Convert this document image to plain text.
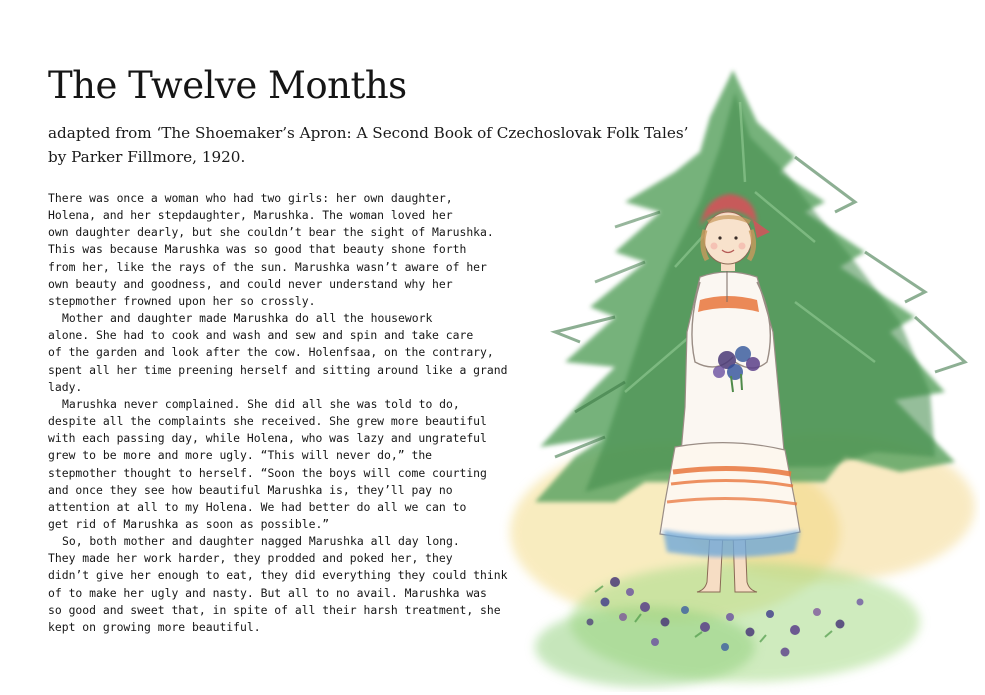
The Twelve Months
adapted from ‘The Shoemaker’s Apron: A Second Book of Czechoslovak Folk Tales’
by Parker Fillmore, 1920.
There was once a woman who had two girls: her own daughter,
Holena, and her stepdaughter, Marushka. The woman loved her
own daughter dearly, but she couldn’t bear the sight of Marushka.
This was because Marushka was so good that beauty shone forth
from her, like the rays of the sun. Marushka wasn’t aware of her
own beauty and goodness, and could never understand why her
stepmother frowned upon her so crossly.
Mother and daughter made Marushka do all the housework
alone. She had to cook and wash and sew and spin and take care
of the garden and look after the cow. Holenfsaa, on the contrary,
spent all her time preening herself and sitting around like a grand
lady.
Marushka never complained. She did all she was told to do,
despite all the complaints she received. She grew more beautiful
with each passing day, while Holena, who was lazy and ungrateful
grew to be more and more ugly. “This will never do,” the
stepmother thought to herself. “Soon the boys will come courting
and once they see how beautiful Marushka is, they’ll pay no
attention at all to my Holena. We had better do all we can to
get rid of Marushka as soon as possible.”
So, both mother and daughter nagged Marushka all day long.
They made her work harder, they prodded and poked her, they
didn’t give her enough to eat, they did everything they could think
of to make her ugly and nasty. But all to no avail. Marushka was
so good and sweet that, in spite of all their harsh treatment, she
kept on growing more beautiful.
